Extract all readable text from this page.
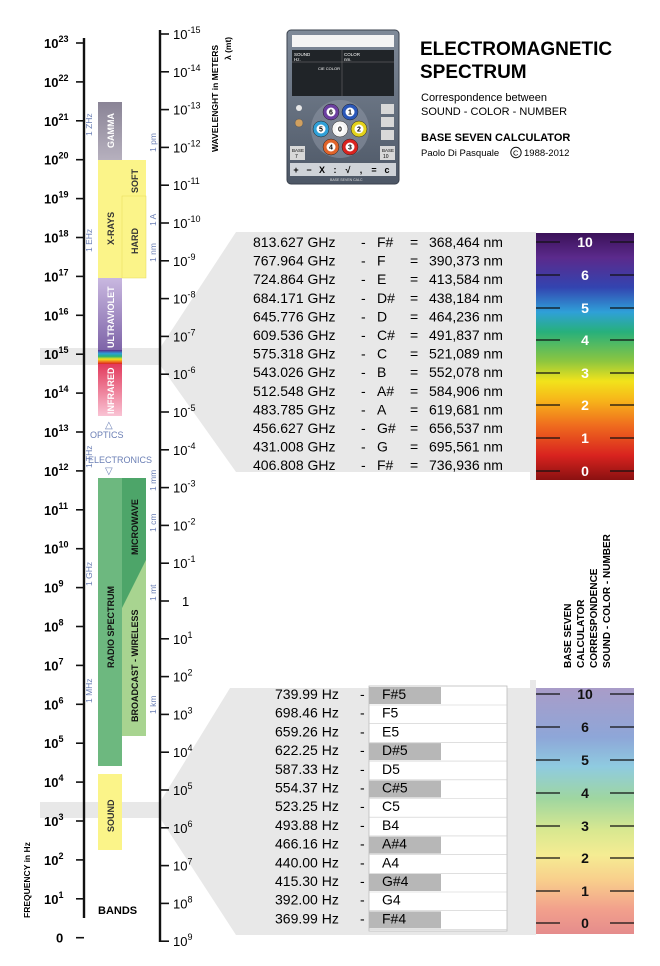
$10^{23}$
$10^{22}$
$10^{21}$
$10^{20}$
$10^{19}$
$10^{18}$
$10^{17}$
$10^{16}$
$10^{15}$
$10^{14}$
$10^{13}$
$10^{12}$
$10^{11}$
$10^{10}$
$10^9$
$10^8$
$10^7$
$10^6$
$10^5$
$10^4$
$10^3$
$10^2$
$10^1$
0
$10^{-15}$
$10^{-14}$
$10^{-13}$
$10^{-12}$
$10^{-11}$
$10^{-10}$
$10^{-9}$
$10^{-8}$
$10^{-7}$
$10^{-6}$
$10^{-5}$
$10^{-4}$
$10^{-3}$
$10^{-2}$
$10^{-1}$
1
$10^1$
$10^2$
$10^3$
$10^4$
$10^5$
$10^6$
$10^7$
$10^8$
$10^9$
1 ZHz
1 EHz
1 THz
1 GHz
1 MHz
1 pm
1 A
1 nm
1 mm
1 cm
1 mt
1 km
FREQUENCY in Hz
WAVELENGHT in METERS λ (mt)
BANDS
GAMMA
X-RAYS
SOFT
HARD
ULTRAVIOLET
INFRARED
OPTICS
△
ELECTRONICS
▽
RADIO SPECTRUM
MICROWAVE
BROADCAST - WIRELESS
SOUND
813.627 GHz - F# = 368,464 nm
767.964 GHz - F = 390,373 nm
724.864 GHz - E = 413,584 nm
684.171 GHz - D# = 438,184 nm
645.776 GHz - D = 464,236 nm
609.536 GHz - C# = 491,837 nm
575.318 GHz - C = 521,089 nm
543.026 GHz - B = 552,078 nm
512.548 GHz - A# = 584,906 nm
483.785 GHz - A = 619,681 nm
456.627 GHz - G# = 656,537 nm
431.008 GHz - G = 695,561 nm
406.808 GHz - F# = 736,936 nm
10
6
5
4
3
2
1
0
BASE SEVEN CALCULATOR CORRESPONDENCE SOUND - COLOR - NUMBER
739.99 Hz - F#5
698.46 Hz - F5
659.26 Hz - E5
622.25 Hz - D#5
587.33 Hz - D5
554.37 Hz - C#5
523.25 Hz - C5
493.88 Hz - B4
466.16 Hz - A#4
440.00 Hz - A4
415.30 Hz - G#4
392.00 Hz - G4
369.99 Hz - F#4
10
6
5
4
3
2
1
0
SOUND
Hz.
COLOR
nm.
CIE COLOR
BASE
7
BASE
10
6 1
5 0 2
4 3
+ − X : √ , = c
BASE SEVEN CALC
ELECTROMAGNETIC
SPECTRUM
Correspondence between
SOUND - COLOR - NUMBER
BASE SEVEN CALCULATOR
Paolo Di Pasquale C 1988-2012
